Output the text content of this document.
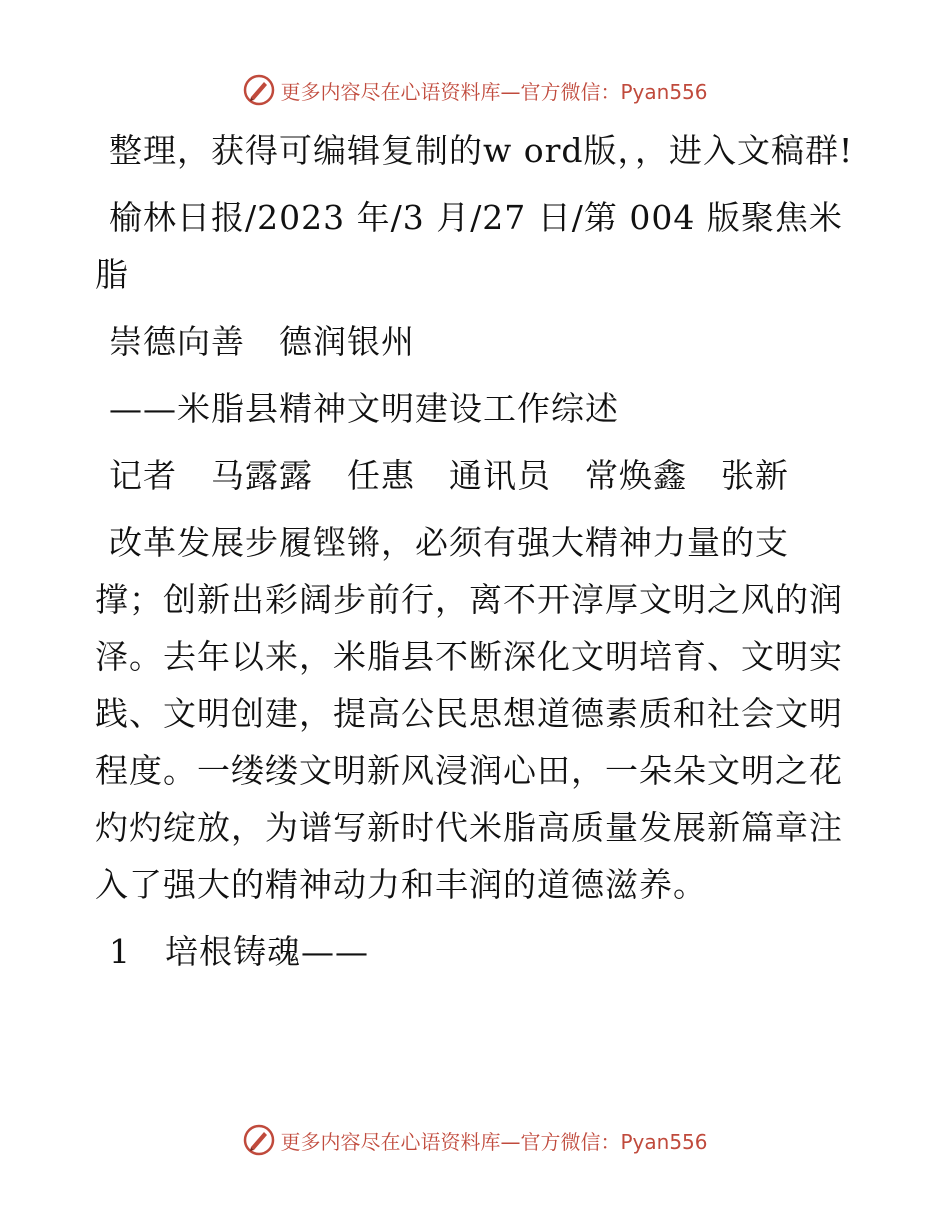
更多内容尽在心语资料库—官方微信：Pyan556

整理，获得可编辑复制的w ord版，，进入文稿群!

榆林日报/2023 年/3 月/27 日/第 004 版聚焦米脂

崇德向善　德润银州

——米脂县精神文明建设工作综述

记者　马露露　任惠　通讯员　常焕鑫　张新

改革发展步履铿锵，必须有强大精神力量的支撑；创新出彩阔步前行，离不开淳厚文明之风的润泽。去年以来，米脂县不断深化文明培育、文明实践、文明创建，提高公民思想道德素质和社会文明程度。一缕缕文明新风浸润心田，一朵朵文明之花灼灼绽放，为谱写新时代米脂高质量发展新篇章注入了强大的精神动力和丰润的道德滋养。

1　培根铸魂——

更多内容尽在心语资料库—官方微信：Pyan556
